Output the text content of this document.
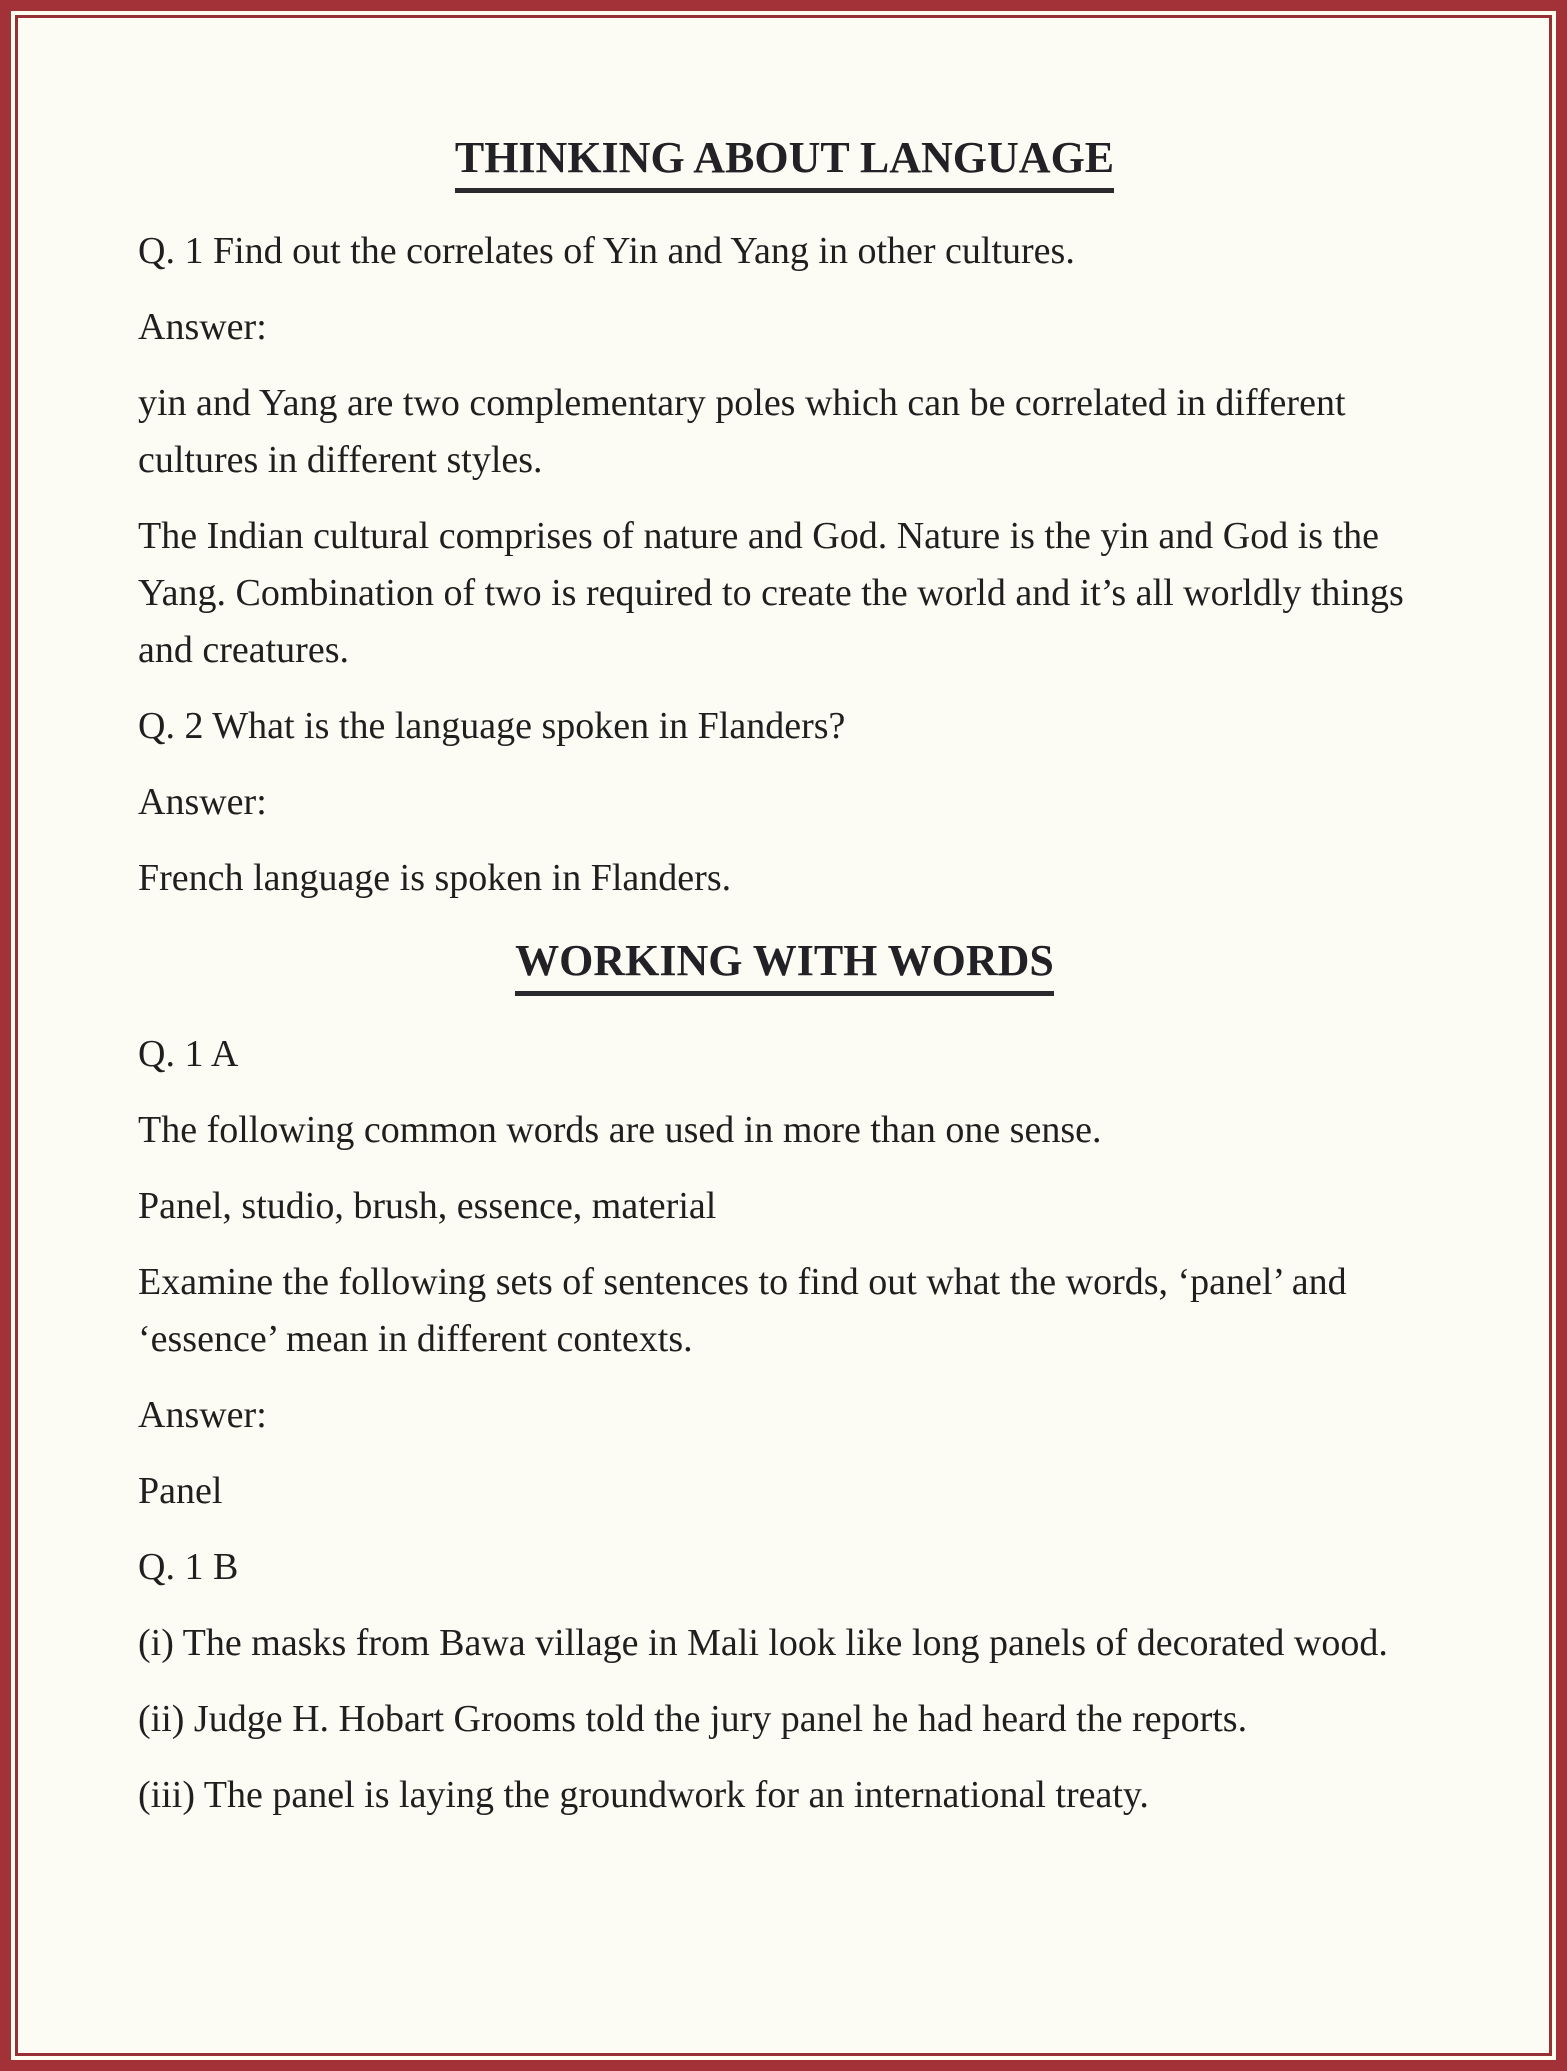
THINKING ABOUT LANGUAGE

Q. 1 Find out the correlates of Yin and Yang in other cultures.

Answer:

yin and Yang are two complementary poles which can be correlated in different cultures in different styles.

The Indian cultural comprises of nature and God. Nature is the yin and God is the Yang. Combination of two is required to create the world and it’s all worldly things and creatures.

Q. 2 What is the language spoken in Flanders?

Answer:

French language is spoken in Flanders.

WORKING WITH WORDS

Q. 1 A

The following common words are used in more than one sense.

Panel, studio, brush, essence, material

Examine the following sets of sentences to find out what the words, ‘panel’ and ‘essence’ mean in different contexts.

Answer:

Panel

Q. 1 B

(i) The masks from Bawa village in Mali look like long panels of decorated wood.

(ii) Judge H. Hobart Grooms told the jury panel he had heard the reports.

(iii) The panel is laying the groundwork for an international treaty.
